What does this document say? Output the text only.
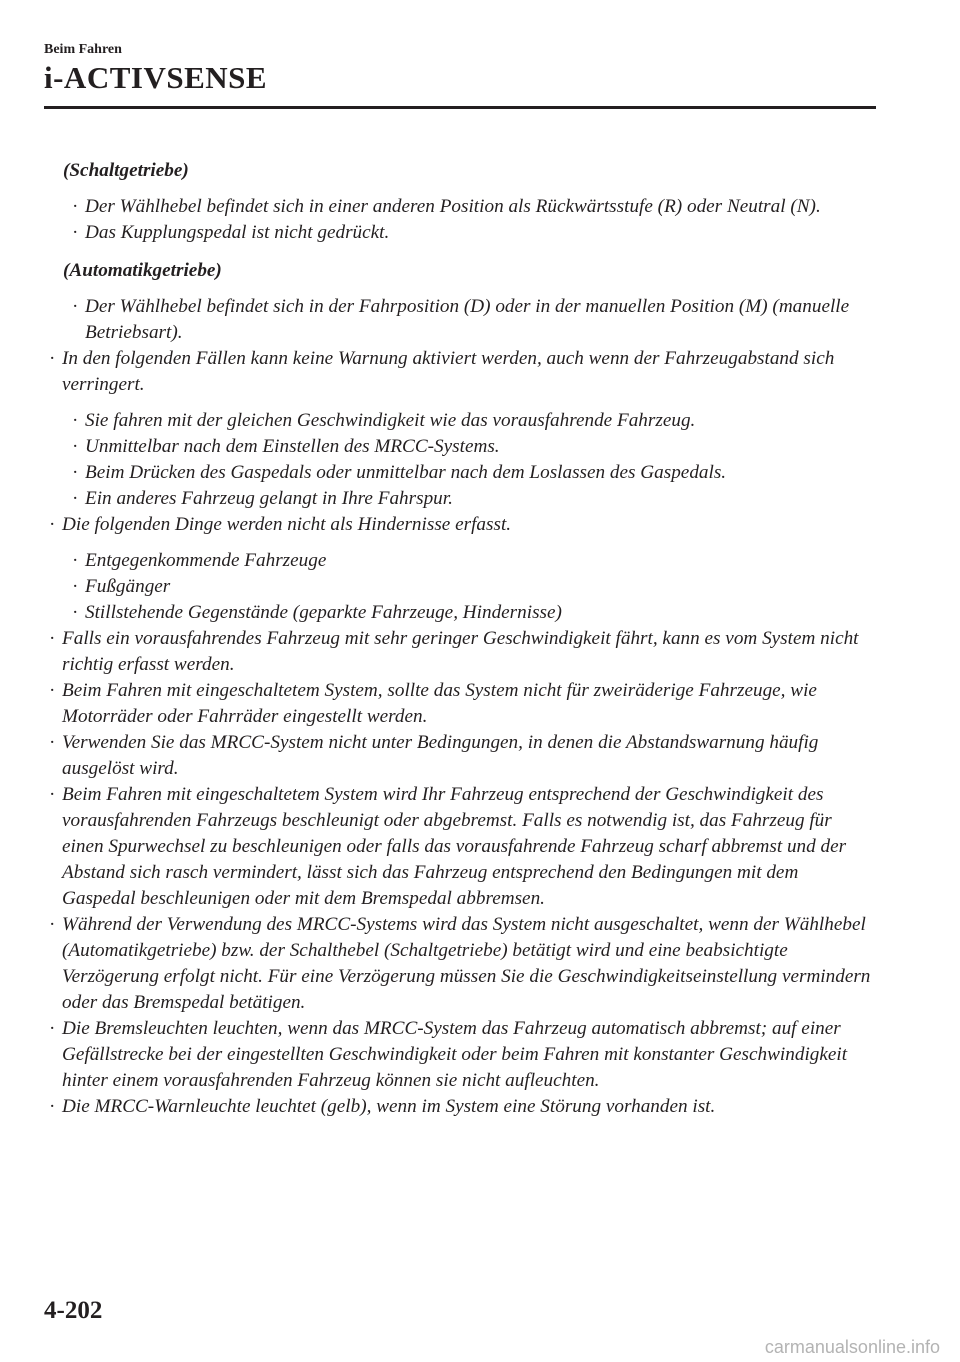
Beim Fahren
i-ACTIVSENSE
(Schaltgetriebe)
· Der Wählhebel befindet sich in einer anderen Position als Rückwärtsstufe (R) oder Neutral (N).
· Das Kupplungspedal ist nicht gedrückt.
(Automatikgetriebe)
· Der Wählhebel befindet sich in der Fahrposition (D) oder in der manuellen Position (M) (manuelle Betriebsart).
· In den folgenden Fällen kann keine Warnung aktiviert werden, auch wenn der Fahrzeugabstand sich verringert.
· Sie fahren mit der gleichen Geschwindigkeit wie das vorausfahrende Fahrzeug.
· Unmittelbar nach dem Einstellen des MRCC-Systems.
· Beim Drücken des Gaspedals oder unmittelbar nach dem Loslassen des Gaspedals.
· Ein anderes Fahrzeug gelangt in Ihre Fahrspur.
· Die folgenden Dinge werden nicht als Hindernisse erfasst.
· Entgegenkommende Fahrzeuge
· Fußgänger
· Stillstehende Gegenstände (geparkte Fahrzeuge, Hindernisse)
· Falls ein vorausfahrendes Fahrzeug mit sehr geringer Geschwindigkeit fährt, kann es vom System nicht richtig erfasst werden.
· Beim Fahren mit eingeschaltetem System, sollte das System nicht für zweiräderige Fahrzeuge, wie Motorräder oder Fahrräder eingestellt werden.
· Verwenden Sie das MRCC-System nicht unter Bedingungen, in denen die Abstandswarnung häufig ausgelöst wird.
· Beim Fahren mit eingeschaltetem System wird Ihr Fahrzeug entsprechend der Geschwindigkeit des vorausfahrenden Fahrzeugs beschleunigt oder abgebremst. Falls es notwendig ist, das Fahrzeug für einen Spurwechsel zu beschleunigen oder falls das vorausfahrende Fahrzeug scharf abbremst und der Abstand sich rasch vermindert, lässt sich das Fahrzeug entsprechend den Bedingungen mit dem Gaspedal beschleunigen oder mit dem Bremspedal abbremsen.
· Während der Verwendung des MRCC-Systems wird das System nicht ausgeschaltet, wenn der Wählhebel (Automatikgetriebe) bzw. der Schalthebel (Schaltgetriebe) betätigt wird und eine beabsichtigte Verzögerung erfolgt nicht. Für eine Verzögerung müssen Sie die Geschwindigkeitseinstellung vermindern oder das Bremspedal betätigen.
· Die Bremsleuchten leuchten, wenn das MRCC-System das Fahrzeug automatisch abbremst; auf einer Gefällstrecke bei der eingestellten Geschwindigkeit oder beim Fahren mit konstanter Geschwindigkeit hinter einem vorausfahrenden Fahrzeug können sie nicht aufleuchten.
· Die MRCC-Warnleuchte leuchtet (gelb), wenn im System eine Störung vorhanden ist.
4-202
carmanualsonline.info
